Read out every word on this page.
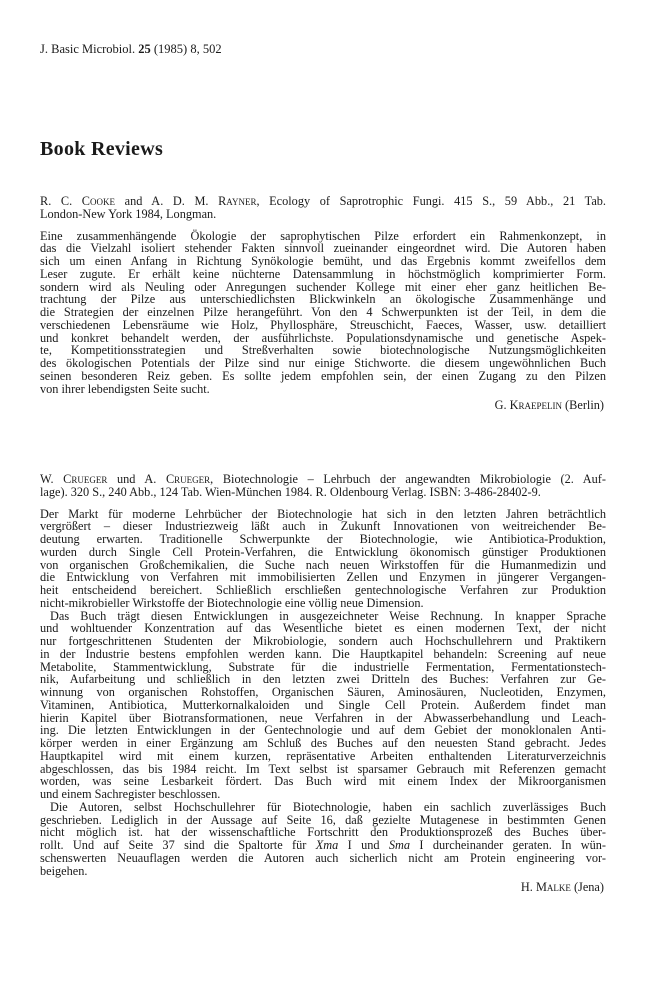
J. Basic Microbiol. 25 (1985) 8, 502
Book Reviews
R. C. Cooke and A. D. M. Rayner, Ecology of Saprotrophic Fungi. 415 S., 59 Abb., 21 Tab.
London-New York 1984, Longman.
Eine zusammenhängende Ökologie der saprophytischen Pilze erfordert ein Rahmenkonzept, in
das die Vielzahl isoliert stehender Fakten sinnvoll zueinander eingeordnet wird. Die Autoren haben
sich um einen Anfang in Richtung Synökologie bemüht, und das Ergebnis kommt zweifellos dem
Leser zugute. Er erhält keine nüchterne Datensammlung in höchstmöglich komprimierter Form.
sondern wird als Neuling oder Anregungen suchender Kollege mit einer eher ganz heitlichen Be-
trachtung der Pilze aus unterschiedlichsten Blickwinkeln an ökologische Zusammenhänge und
die Strategien der einzelnen Pilze herangeführt. Von den 4 Schwerpunkten ist der Teil, in dem die
verschiedenen Lebensräume wie Holz, Phyllosphäre, Streuschicht, Faeces, Wasser, usw. detailliert
und konkret behandelt werden, der ausführlichste. Populationsdynamische und genetische Aspek-
te, Kompetitionsstrategien und Streßverhalten sowie biotechnologische Nutzungsmöglichkeiten
des ökologischen Potentials der Pilze sind nur einige Stichworte. die diesem ungewöhnlichen Buch
seinen besonderen Reiz geben. Es sollte jedem empfohlen sein, der einen Zugang zu den Pilzen
von ihrer lebendigsten Seite sucht.
G. Kraepelin (Berlin)
W. Crueger und A. Crueger, Biotechnologie – Lehrbuch der angewandten Mikrobiologie (2. Auf-
lage). 320 S., 240 Abb., 124 Tab. Wien-München 1984. R. Oldenbourg Verlag. ISBN: 3-486-28402-9.
Der Markt für moderne Lehrbücher der Biotechnologie hat sich in den letzten Jahren beträchtlich
vergrößert – dieser Industriezweig läßt auch in Zukunft Innovationen von weitreichender Be-
deutung erwarten. Traditionelle Schwerpunkte der Biotechnologie, wie Antibiotica-Produktion,
wurden durch Single Cell Protein-Verfahren, die Entwicklung ökonomisch günstiger Produktionen
von organischen Großchemikalien, die Suche nach neuen Wirkstoffen für die Humanmedizin und
die Entwicklung von Verfahren mit immobilisierten Zellen und Enzymen in jüngerer Vergangen-
heit entscheidend bereichert. Schließlich erschließen gentechnologische Verfahren zur Produktion
nicht-mikrobieller Wirkstoffe der Biotechnologie eine völlig neue Dimension.
Das Buch trägt diesen Entwicklungen in ausgezeichneter Weise Rechnung. In knapper Sprache
und wohltuender Konzentration auf das Wesentliche bietet es einen modernen Text, der nicht
nur fortgeschrittenen Studenten der Mikrobiologie, sondern auch Hochschullehrern und Praktikern
in der Industrie bestens empfohlen werden kann. Die Hauptkapitel behandeln: Screening auf neue
Metabolite, Stammentwicklung, Substrate für die industrielle Fermentation, Fermentationstech-
nik, Aufarbeitung und schließlich in den letzten zwei Dritteln des Buches: Verfahren zur Ge-
winnung von organischen Rohstoffen, Organischen Säuren, Aminosäuren, Nucleotiden, Enzymen,
Vitaminen, Antibiotica, Mutterkornalkaloiden und Single Cell Protein. Außerdem findet man
hierin Kapitel über Biotransformationen, neue Verfahren in der Abwasserbehandlung und Leach-
ing. Die letzten Entwicklungen in der Gentechnologie und auf dem Gebiet der monoklonalen Anti-
körper werden in einer Ergänzung am Schluß des Buches auf den neuesten Stand gebracht. Jedes
Hauptkapitel wird mit einem kurzen, repräsentative Arbeiten enthaltenden Literaturverzeichnis
abgeschlossen, das bis 1984 reicht. Im Text selbst ist sparsamer Gebrauch mit Referenzen gemacht
worden, was seine Lesbarkeit fördert. Das Buch wird mit einem Index der Mikroorganismen
und einem Sachregister beschlossen.
Die Autoren, selbst Hochschullehrer für Biotechnologie, haben ein sachlich zuverlässiges Buch
geschrieben. Lediglich in der Aussage auf Seite 16, daß gezielte Mutagenese in bestimmten Genen
nicht möglich ist. hat der wissenschaftliche Fortschritt den Produktionsprozeß des Buches über-
rollt. Und auf Seite 37 sind die Spaltorte für Xma I und Sma I durcheinander geraten. In wün-
schenswerten Neuauflagen werden die Autoren auch sicherlich nicht am Protein engineering vor-
beigehen.
H. Malke (Jena)
